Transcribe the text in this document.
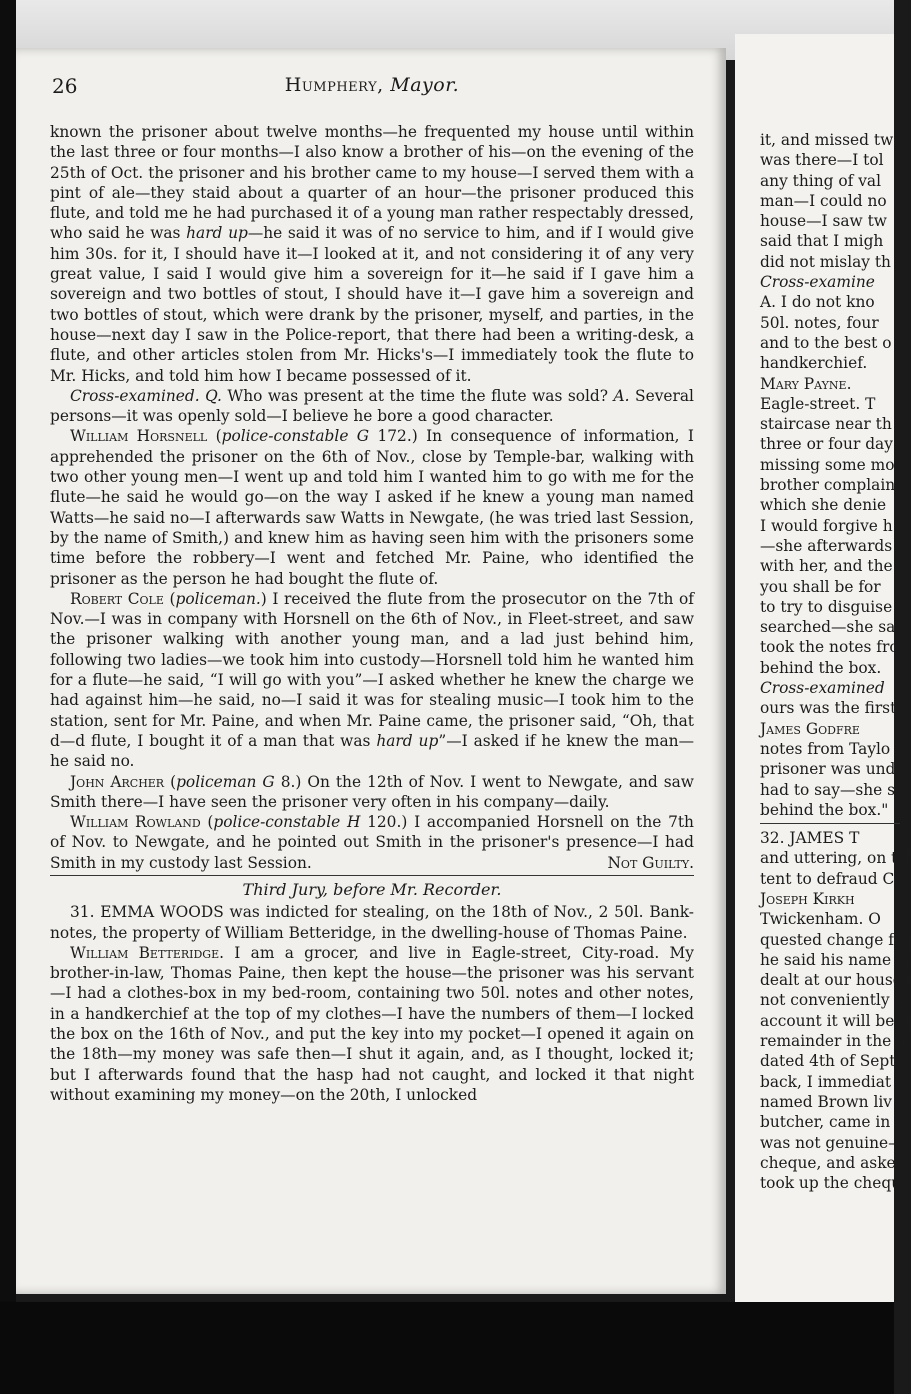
26	Humphery, Mayor.

known the prisoner about twelve months—he frequented my house until within the last three or four months—I also know a brother of his—on the evening of the 25th of Oct. the prisoner and his brother came to my house—I served them with a pint of ale—they staid about a quarter of an hour—the prisoner produced this flute, and told me he had purchased it of a young man rather respectably dressed, who said he was hard up—he said it was of no service to him, and if I would give him 30s. for it, I should have it—I looked at it, and not considering it of any very great value, I said I would give him a sovereign for it—he said if I gave him a sovereign and two bottles of stout, I should have it—I gave him a sovereign and two bottles of stout, which were drank by the prisoner, myself, and parties, in the house—next day I saw in the Police-report, that there had been a writing-desk, a flute, and other articles stolen from Mr. Hicks's—I immediately took the flute to Mr. Hicks, and told him how I became possessed of it.

Cross-examined. Q. Who was present at the time the flute was sold? A. Several persons—it was openly sold—I believe he bore a good character.

William Horsnell (police-constable G 172.) In consequence of information, I apprehended the prisoner on the 6th of Nov., close by Temple-bar, walking with two other young men—I went up and told him I wanted him to go with me for the flute—he said he would go—on the way I asked if he knew a young man named Watts—he said no—I afterwards saw Watts in Newgate, (he was tried last Session, by the name of Smith,) and knew him as having seen him with the prisoners some time before the robbery—I went and fetched Mr. Paine, who identified the prisoner as the person he had bought the flute of.

Robert Cole (policeman.) I received the flute from the prosecutor on the 7th of Nov.—I was in company with Horsnell on the 6th of Nov., in Fleet-street, and saw the prisoner walking with another young man, and a lad just behind him, following two ladies—we took him into custody—Horsnell told him he wanted him for a flute—he said, “I will go with you”—I asked whether he knew the charge we had against him—he said, no—I said it was for stealing music—I took him to the station, sent for Mr. Paine, and when Mr. Paine came, the prisoner said, “Oh, that d—d flute, I bought it of a man that was hard up”—I asked if he knew the man—he said no.

John Archer (policeman G 8.) On the 12th of Nov. I went to Newgate, and saw Smith there—I have seen the prisoner very often in his company—daily.

William Rowland (police-constable H 120.) I accompanied Horsnell on the 7th of Nov. to Newgate, and he pointed out Smith in the prisoner's presence—I had Smith in my custody last Session.	Not Guilty.

Third Jury, before Mr. Recorder.

31. EMMA WOODS was indicted for stealing, on the 18th of Nov., 2 50l. Bank-notes, the property of William Betteridge, in the dwelling-house of Thomas Paine.

William Betteridge. I am a grocer, and live in Eagle-street, City-road. My brother-in-law, Thomas Paine, then kept the house—the prisoner was his servant—I had a clothes-box in my bed-room, containing two 50l. notes and other notes, in a handkerchief at the top of my clothes—I have the numbers of them—I locked the box on the 16th of Nov., and put the key into my pocket—I opened it again on the 18th—my money was safe then—I shut it again, and, as I thought, locked it; but I afterwards found that the hasp had not caught, and locked it that night without examining my money—on the 20th, I unlocked

it, and missed tw
was there—I tol
any thing of val
man—I could no
house—I saw tw
said that I migh
did not mislay th
Cross-examine
A. I do not kno
50l. notes, four
and to the best o
handkerchief.
Mary Payne.
Eagle-street. T
staircase near th
three or four day
missing some mo
brother complain
which she denie
I would forgive h
—she afterwards
with her, and the
you shall be for
to try to disguise
searched—she sai
took the notes fro
behind the box.
Cross-examined
ours was the first
James Godfre
notes from Taylo
prisoner was unde
had to say—she s
behind the box."
32. JAMES T
and uttering, on th
tent to defraud Ch
Joseph Kirkh
Twickenham. O
quested change for
he said his name w
dealt at our house,
not conveniently g
account it will be s
remainder in the n
dated 4th of Sept.
back, I immediat
named Brown liv
butcher, came in a
was not genuine—
cheque, and asked
took up the chequ
